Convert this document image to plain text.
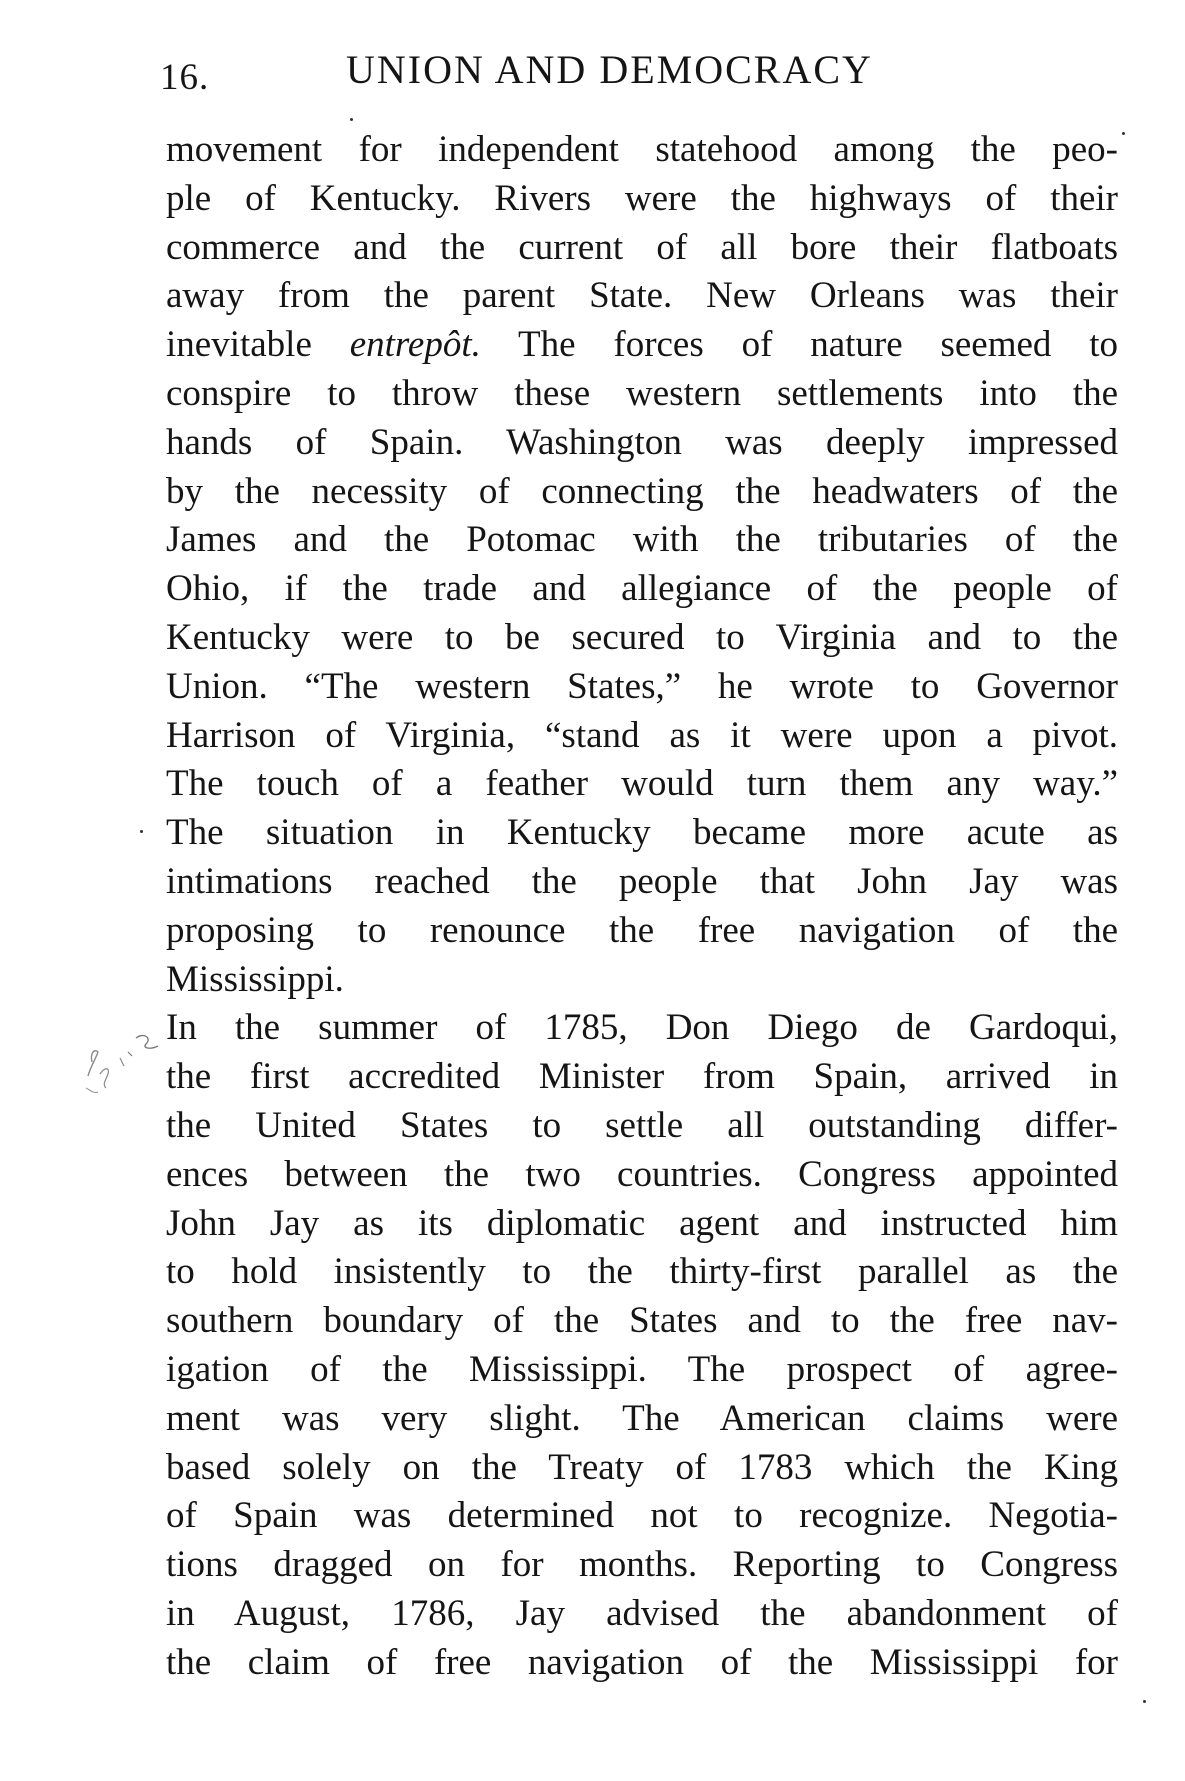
16.	UNION AND DEMOCRACY
movement for independent statehood among the peo-
ple of Kentucky. Rivers were the highways of their
commerce and the current of all bore their flatboats
away from the parent State. New Orleans was their
inevitable entrepôt. The forces of nature seemed to
conspire to throw these western settlements into the
hands of Spain. Washington was deeply impressed
by the necessity of connecting the headwaters of the
James and the Potomac with the tributaries of the
Ohio, if the trade and allegiance of the people of
Kentucky were to be secured to Virginia and to the
Union. “The western States,” he wrote to Governor
Harrison of Virginia, “stand as it were upon a pivot.
The touch of a feather would turn them any way.”
The situation in Kentucky became more acute as
intimations reached the people that John Jay was
proposing to renounce the free navigation of the
Mississippi.
In the summer of 1785, Don Diego de Gardoqui,
the first accredited Minister from Spain, arrived in
the United States to settle all outstanding differ-
ences between the two countries. Congress appointed
John Jay as its diplomatic agent and instructed him
to hold insistently to the thirty-first parallel as the
southern boundary of the States and to the free nav-
igation of the Mississippi. The prospect of agree-
ment was very slight. The American claims were
based solely on the Treaty of 1783 which the King
of Spain was determined not to recognize. Negotia-
tions dragged on for months. Reporting to Congress
in August, 1786, Jay advised the abandonment of
the claim of free navigation of the Mississippi for
